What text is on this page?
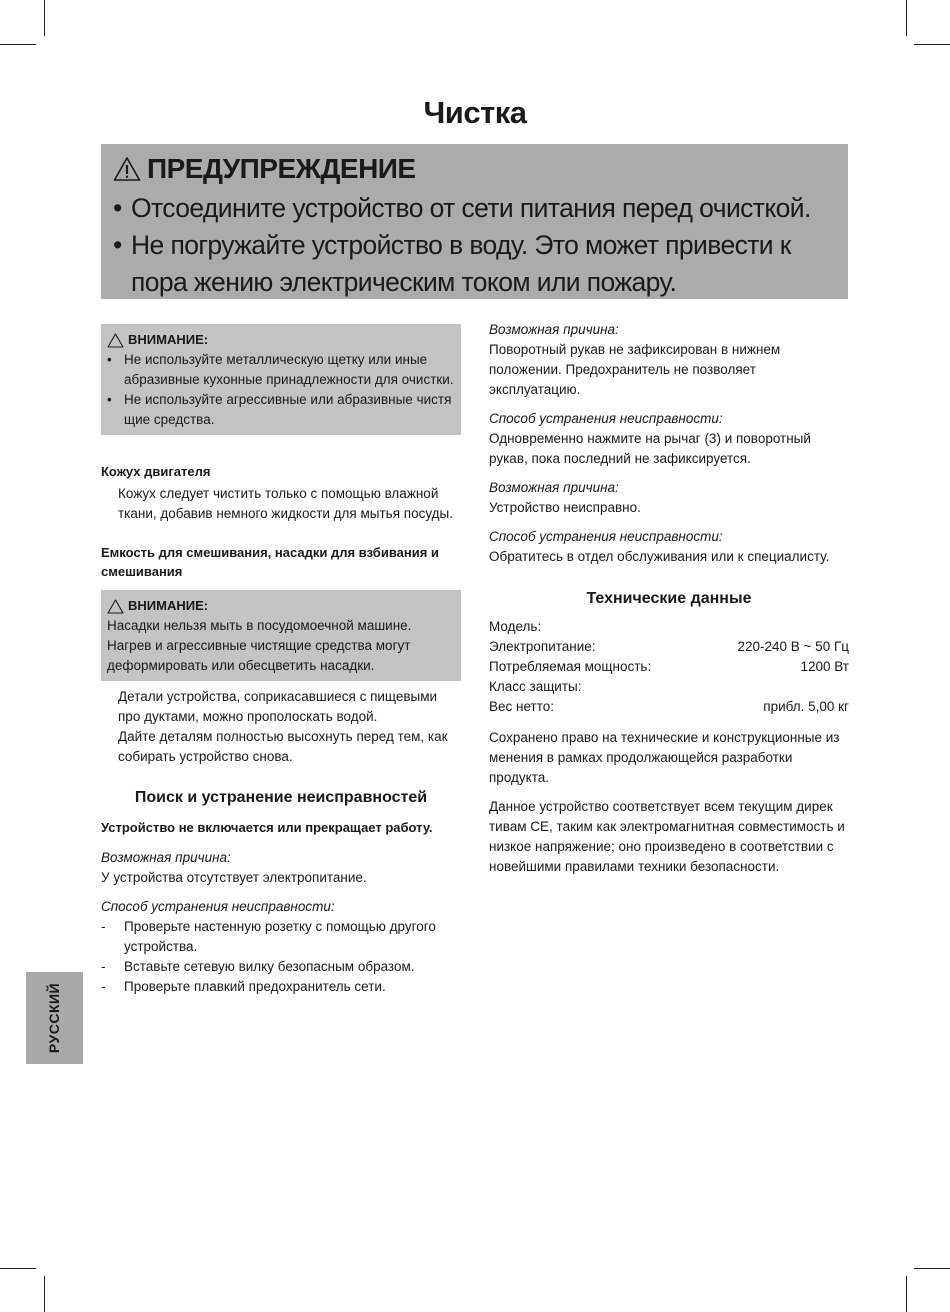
Чистка
ПРЕДУПРЕЖДЕНИЕ
• Отсоедините устройство от сети питания перед очисткой.
• Не погружайте устройство в воду. Это может привести к пора жению электрическим током или пожару.
ВНИМАНИЕ:
• Не используйте металлическую щетку или иные абразивные кухонные принадлежности для очистки.
• Не используйте агрессивные или абразивные чистя щие средства.

Кожух двигателя

Кожух следует чистить только с помощью влажной ткани, добавив немного жидкости для мытья посуды.

Емкость для смешивания, насадки для взбивания и смешивания

ВНИМАНИЕ:

Насадки нельзя мыть в посудомоечной машине. Нагрев и агрессивные чистящие средства могут деформировать или обесцветить насадки.

Детали устройства, соприкасавшиеся с пищевыми про дуктами, можно прополоскать водой.

Дайте деталям полностью высохнуть перед тем, как собирать устройство снова.

Поиск и устранение неисправностей

Устройство не включается или прекращает работу.

Возможная причина:

У устройства отсутствует электропитание.

Способ устранения неисправности:

- Проверьте настенную розетку с помощью другого устройства.
- Вставьте сетевую вилку безопасным образом.
- Проверьте плавкий предохранитель сети.

Возможная причина:

Поворотный рукав не зафиксирован в нижнем положении. Предохранитель не позволяет эксплуатацию.

Способ устранения неисправности:

Одновременно нажмите на рычаг (3) и поворотный рукав, пока последний не зафиксируется.

Возможная причина:

Устройство неисправно.

Способ устранения неисправности:

Обратитесь в отдел обслуживания или к специалисту.

Технические данные

Модель:
Электропитание:	220-240 В ~ 50 Гц
Потребляемая мощность:	1200 Вт
Класс защиты:
Вес нетто:	прибл. 5,00 кг

Сохранено право на технические и конструкционные из менения в рамках продолжающейся разработки продукта.

Данное устройство соответствует всем текущим дирек тивам CE, таким как электромагнитная совместимость и низкое напряжение; оно произведено в соответствии с новейшими правилами техники безопасности.

РУССКИЙ
